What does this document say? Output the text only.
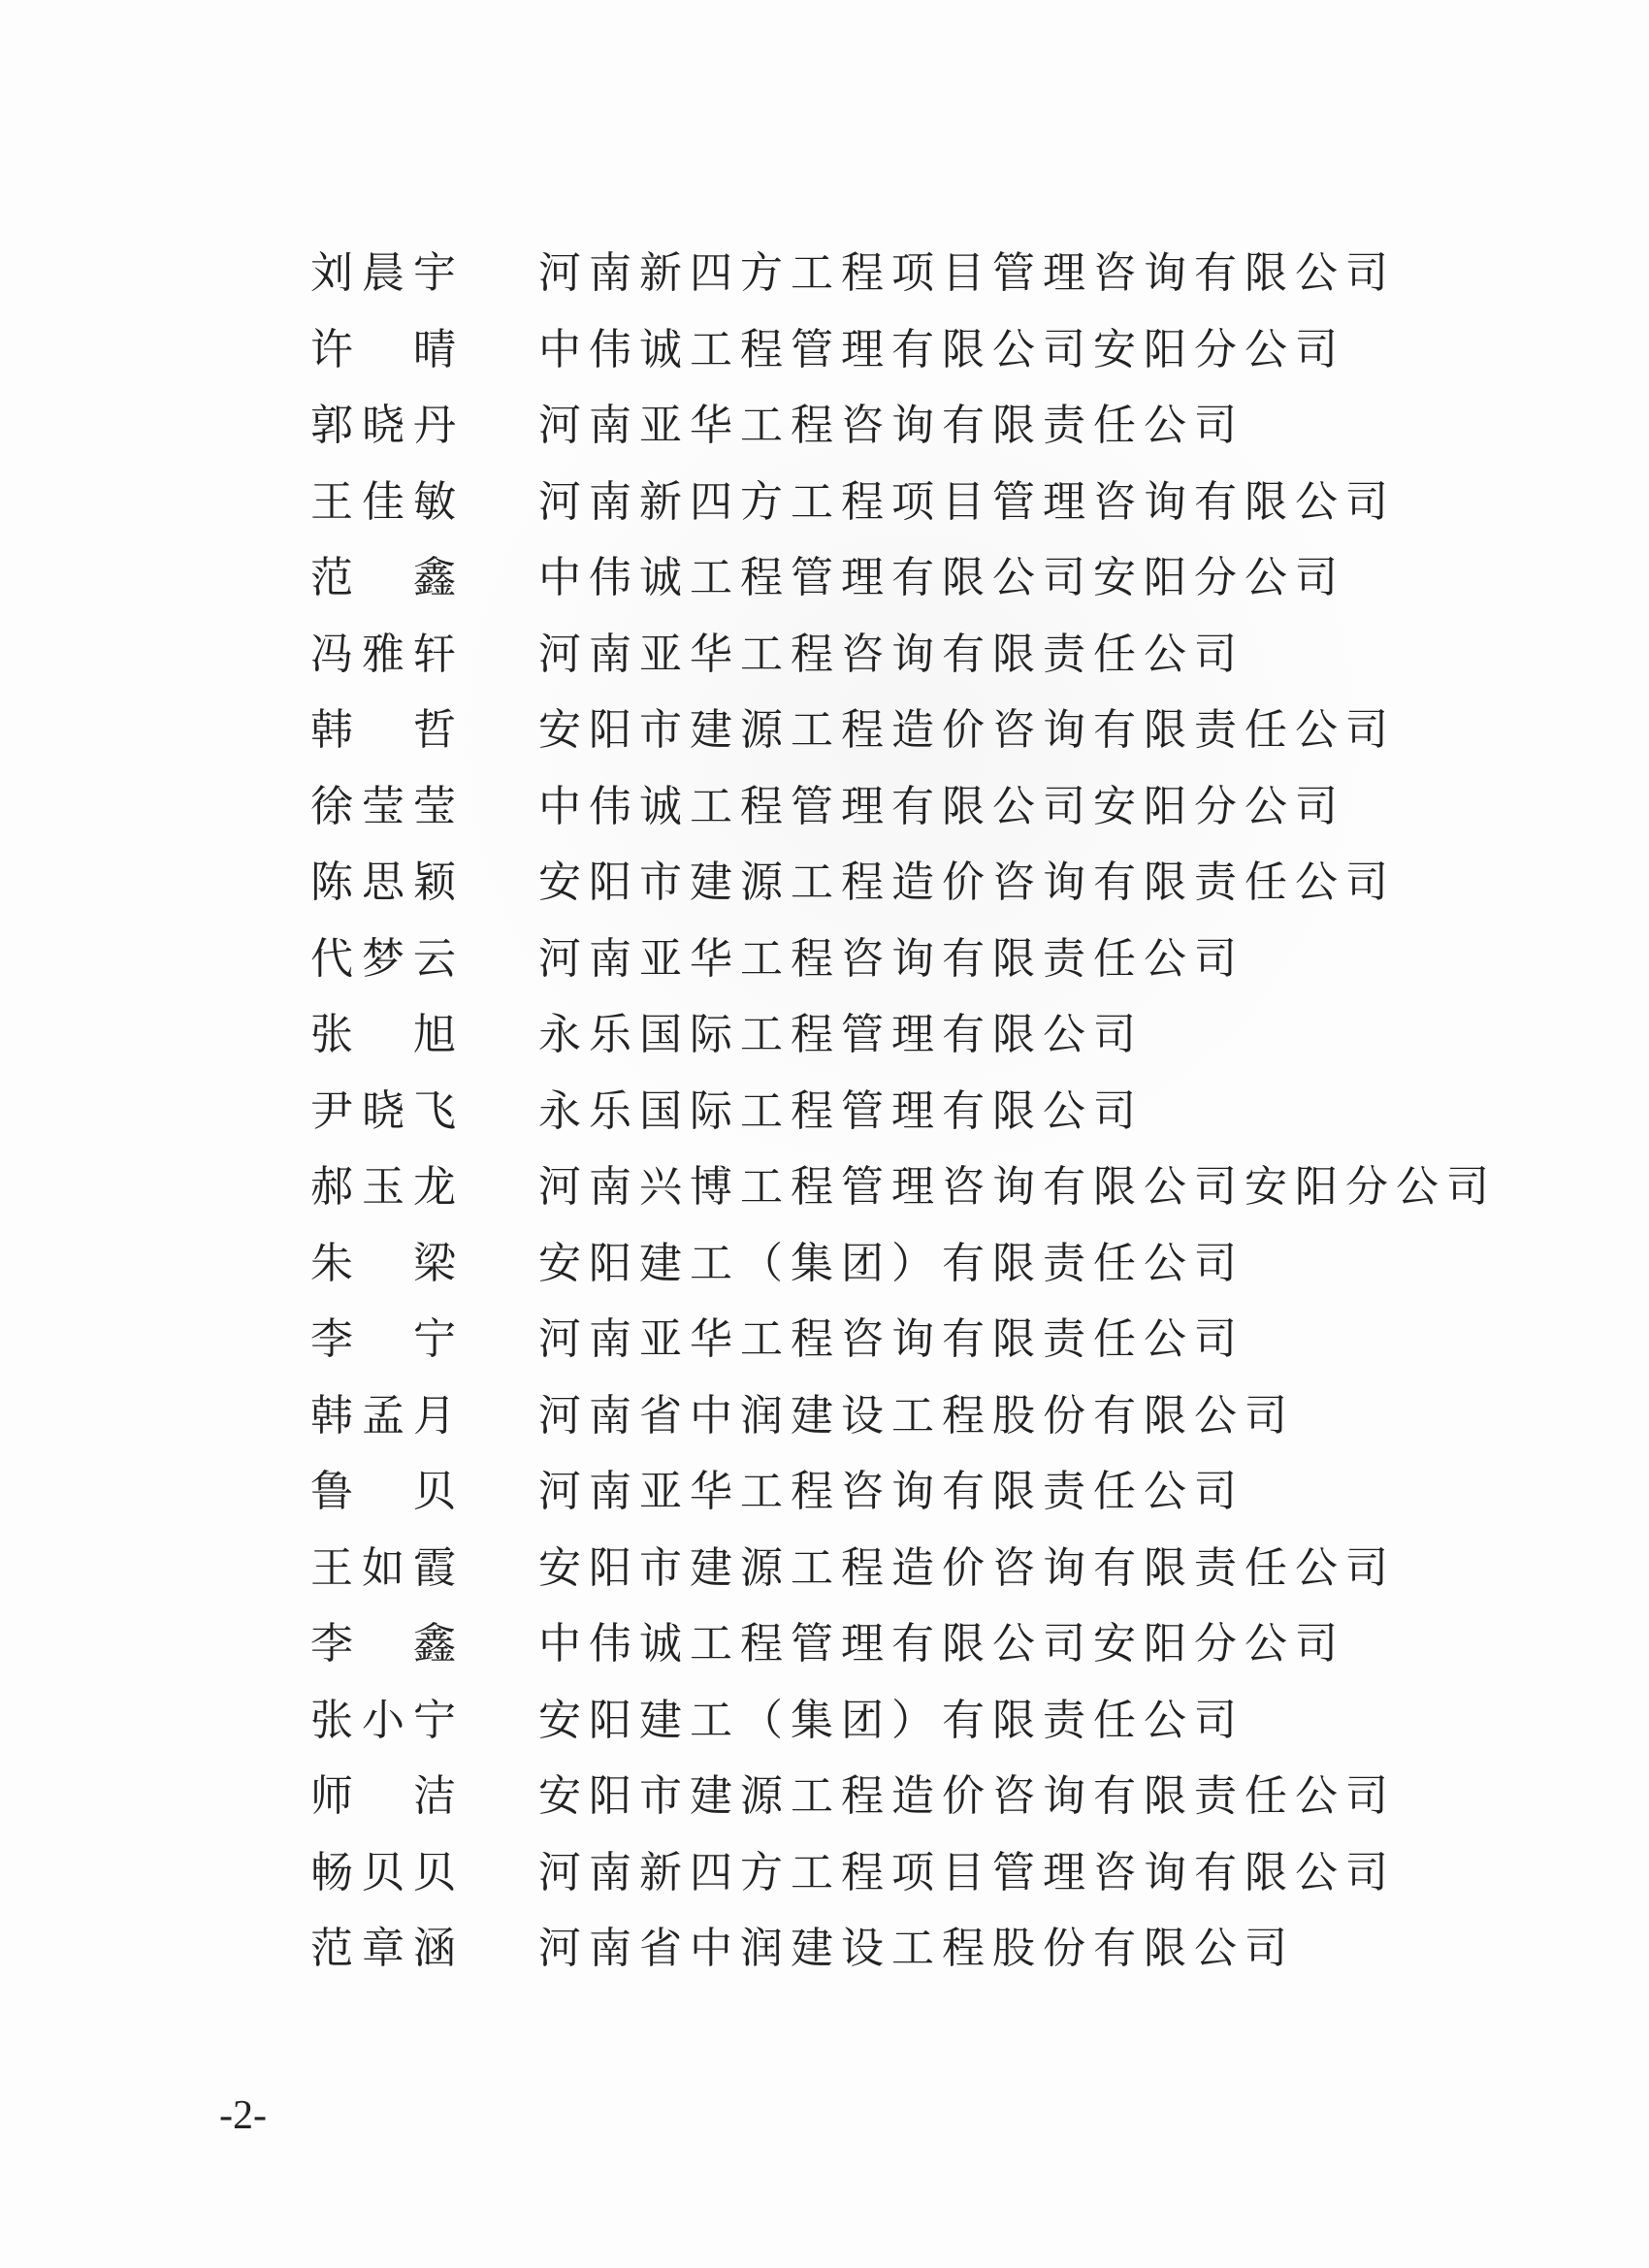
刘 晨 宇 河南新四方工程项目管理咨询有限公司
许 晴 中伟诚工程管理有限公司安阳分公司
郭 晓 丹 河南亚华工程咨询有限责任公司
王 佳 敏 河南新四方工程项目管理咨询有限公司
范 鑫 中伟诚工程管理有限公司安阳分公司
冯 雅 轩 河南亚华工程咨询有限责任公司
韩 哲 安阳市建源工程造价咨询有限责任公司
徐 莹 莹 中伟诚工程管理有限公司安阳分公司
陈 思 颖 安阳市建源工程造价咨询有限责任公司
代 梦 云 河南亚华工程咨询有限责任公司
张 旭 永乐国际工程管理有限公司
尹 晓 飞 永乐国际工程管理有限公司
郝 玉 龙 河南兴博工程管理咨询有限公司安阳分公司
朱 梁 安阳建工（集团）有限责任公司
李 宁 河南亚华工程咨询有限责任公司
韩 孟 月 河南省中润建设工程股份有限公司
鲁 贝 河南亚华工程咨询有限责任公司
王 如 霞 安阳市建源工程造价咨询有限责任公司
李 鑫 中伟诚工程管理有限公司安阳分公司
张 小 宁 安阳建工（集团）有限责任公司
师 洁 安阳市建源工程造价咨询有限责任公司
畅 贝 贝 河南新四方工程项目管理咨询有限公司
范 章 涵 河南省中润建设工程股份有限公司
-2-
